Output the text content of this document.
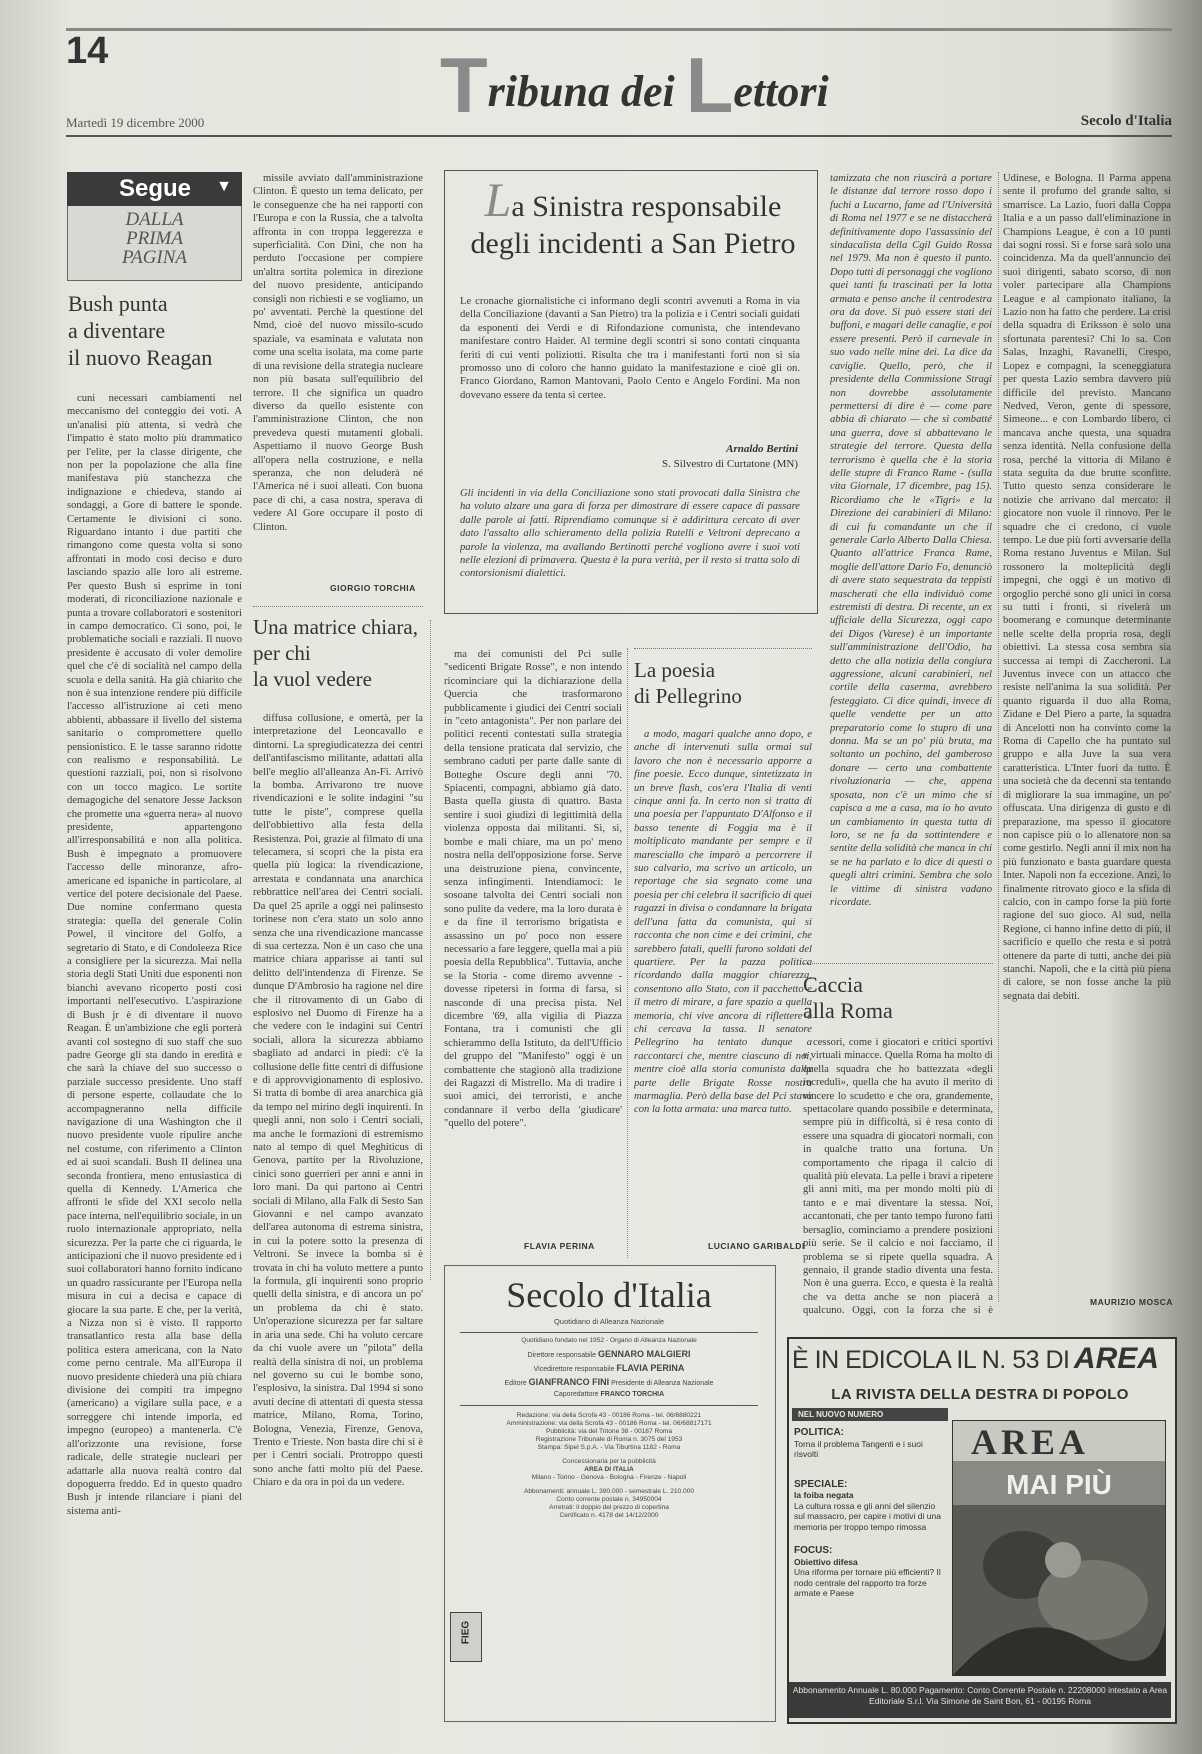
14	Tribuna dei Lettori
Martedì 19 dicembre 2000	Secolo d'Italia
Segue ▼
DALLA
PRIMA
PAGINA
Bush punta
a diventare
il nuovo Reagan

cuni necessari cambiamenti nel meccanismo del conteggio dei voti. A un'analisi più attenta, si vedrà che l'impatto è stato molto più drammatico per l'elite, per la classe dirigente, che non per la popolazione che alla fine manifestava più stanchezza che indignazione e chiedeva, stando ai sondaggi, a Gore di battere le sponde. Certamente le divisioni ci sono. Riguardano intanto i due partiti che rimangono come questa volta si sono affrontati in modo così deciso e duro lasciando spazio alle loro ali estreme. Per questo Bush si esprime in toni moderati, di riconciliazione nazionale e punta a trovare collaboratori e sostenitori in campo democratico. Ci sono, poi, le problematiche sociali e razziali. Il nuovo presidente è accusato di voler demolire quel che c'è di socialità nel campo della scuola e della sanità. Ha già chiarito che non è sua intenzione rendere più difficile l'accesso all'istruzione ai ceti meno abbienti, abbassare il livello del sistema sanitario o compromettere quello pensionistico. E le tasse saranno ridotte con realismo e responsabilità. Le questioni razziali, poi, non si risolvono con un tocco magico. Le sortite demagogiche del senatore Jesse Jackson che promette una «guerra nera» al nuovo presidente, appartengono all'irresponsabilità e non alla politica. Bush è impegnato a promuovere l'accesso delle minoranze, afro-americane ed ispaniche in particolare, al vertice del potere decisionale del Paese. Due nomine confermano questa strategia: quella del generale Colin Powel, il vincitore del Golfo, a segretario di Stato, e di Condoleeza Rice a consigliere per la sicurezza. Mai nella storia degli Stati Uniti due esponenti non bianchi avevano ricoperto posti così importanti nell'esecutivo. L'aspirazione di Bush jr è di diventare il nuovo Reagan. È un'ambizione che egli porterà avanti col sostegno di suo staff che suo padre George gli sta dando in eredità e che sarà la chiave del suo successo o parziale successo presidente. Uno staff di persone esperte, collaudate che lo accompagneranno nella difficile navigazione di una Washington che il nuovo presidente vuole ripulire anche nel costume, con riferimento a Clinton ed ai suoi scandali. Bush II delinea una seconda frontiera, meno entusiastica di quella di Kennedy. L'America che affronti le sfide del XXI secolo nella pace interna, nell'equilibrio sociale, in un ruolo internazionale appropriato, nella sicurezza. Per la parte che ci riguarda, le anticipazioni che il nuovo presidente ed i suoi collaboratori hanno fornito indicano un quadro rassicurante per l'Europa nella misura in cui a decisa e capace di giocare la sua parte. E che, per la verità, a Nizza non si è visto. Il rapporto transatlantico resta alla base della politica estera americana, con la Nato come perno centrale. Ma all'Europa il nuovo presidente chiederà una più chiara divisione dei compiti tra impegno (americano) a vigilare sulla pace, e a sorreggere chi intende imporla, ed impegno (europeo) a mantenerla. C'è all'orizzonte una revisione, forse radicale, delle strategie nucleari per adattarle alla nuova realtà contro dal dopoguerra freddo. Ed in questo quadro Bush jr intende rilanciare i piani del sistema anti-

missile avviato dall'amministrazione Clinton. È questo un tema delicato, per le conseguenze che ha nei rapporti con l'Europa e con la Russia, che a talvolta affronta in con troppa leggerezza e superficialità. Con Dini, che non ha perduto l'occasione per compiere un'altra sortita polemica in direzione del nuovo presidente, anticipando consigli non richiesti e se vogliamo, un po' avventati. Perchè la questione del Nmd, cioè del nuovo missilo-scudo spaziale, va esaminata e valutata non come una scelta isolata, ma come parte di una revisione della strategia nucleare non più basata sull'equilibrio del terrore. Il che significa un quadro diverso da quello esistente con l'amministrazione Clinton, che non prevedeva questi mutamenti globali. Aspettiamo il nuovo George Bush all'opera nella costruzione, e nella speranza, che non deluderà né l'America né i suoi alleati. Con buona pace di chi, a casa nostra, sperava di vedere Al Gore occupare il posto di Clinton.

GIORGIO TORCHIA
Una matrice chiara,
per chi
la vuol vedere

diffusa collusione, e omertà, per la interpretazione del Leoncavallo e dintorni. La spregiudicatezza dei centri dell'antifascismo militante, adattati alla bell'e meglio all'alleanza An-Fi. Arrivò la bomba. Arrivarono tre nuove rivendicazioni e le solite indagini "su tutte le piste", comprese quella dell'obbiettivo alla festa della Resistenza. Poi, grazie al filmato di una telecamera, si scoprì che la pista era quella più logica: la rivendicazione, arrestata e condannata una anarchica rebbrattice nell'area dei Centri sociali. Da quel 25 aprile a oggi nei palinsesto torinese non c'era stato un solo anno senza che una rivendicazione mancasse di sua certezza. Non è un caso che una matrice chiara apparisse ai tanti sul delitto dell'intendenza di Firenze. Se dunque D'Ambrosio ha ragione nel dire che il ritrovamento di un Gabo di esplosivo nel Duomo di Firenze ha a che vedere con le indagini sui Centri sociali, allora la sicurezza abbiamo sbagliato ad andarci in piedi: c'è la collusione delle fitte centri di diffusione e di approvvigionamento di esplosivo. Si tratta di bombe di area anarchica già da tempo nel mirino degli inquirenti. In quegli anni, non solo i Centri sociali, ma anche le formazioni di estremismo nato al tempo di quel Meghiticus di Genova, partito per la Rivoluzione, cinici sono guerrieri per anni e anni in loro mani. Da qui partono ai Centri sociali di Milano, alla Falk di Sesto San Giovanni e nel campo avanzato dell'area autonoma di estrema sinistra, in cui la potere sotto la presenza di Veltroni. Se invece la bomba si è trovata in chi ha voluto mettere a punto la formula, gli inquirenti sono proprio quelli della sinistra, e di ancora un po' un problema da chi è stato. Un'operazione sicurezza per far saltare in aria una sede. Chi ha voluto cercare da chi vuole avere un "pilota" della realtà della sinistra di noi, un problema nel governo su cui le bombe sono, l'esplosivo, la sinistra. Dal 1994 si sono avuti decine di attentati di questa stessa matrice, Milano, Roma, Torino, Bologna, Venezia, Firenze, Genova, Trento e Trieste. Non basta dire chi si è per i Centri sociali. Protroppo questi sono anche fatti molto più del Paese. Chiaro e da ora in poi da un vedere.

La Sinistra responsabile
degli incidenti a San Pietro

Le cronache giornalistiche ci informano degli scontri avvenuti a Roma in via della Conciliazione (davanti a San Pietro) tra la polizia e i Centri sociali guidati da esponenti dei Verdi e di Rifondazione comunista, che intendevano manifestare contro Haider. Al termine degli scontri si sono contati cinquanta feriti di cui venti poliziotti. Risulta che tra i manifestanti forti non si sia promosso uno di coloro che hanno guidato la manifestazione e cioè gli on. Franco Giordano, Ramon Mantovani, Paolo Cento e Angelo Fordini. Ma non dovevano essere da tenta sì certee.

Arnaldo Bertini
S. Silvestro di Curtatone (MN)

Gli incidenti in via della Conciliazione sono stati provocati dalla Sinistra che ha voluto alzare una gara di forza per dimostrare di essere capace di passare dalle parole ai fatti. Riprendiamo comunque si è addirittura cercato di aver dato l'assalto allo schieramento della polizia Rutelli e Veltroni deprecano a parole la violenza, ma avallando Bertinotti perché vogliono avere i suoi voti nelle elezioni di primavera. Questa è la pura verità, per il resto si tratta solo di contorsionismi dialettici.

ma dei comunisti del Pci sulle "sedicenti Brigate Rosse", e non intendo ricominciare qui la dichiarazione della Quercia che trasformarono pubblicamente i giudici dei Centri sociali in "ceto antagonista". Per non parlare dei politici recenti contestati sulla strategia della tensione praticata dal servizio, che sembrano caduti per parte dalle sante di Botteghe Oscure degli anni '70. Spiacenti, compagni, abbiamo già dato. Basta quella giusta di quattro. Basta sentire i suoi giudizi di legittimità della violenza opposta dai militanti. Si, sì, bombe e mali chiare, ma un po' meno nostra nella dell'opposizione forse. Serve una deistruzione piena, convincente, senza infingimenti. Intendiamoci: le sosoane talvolta dei Centri sociali non sono pulite da vedere, ma la loro durata è e da fine il terrorismo brigatista e assassino un po' poco non essere necessario a fare leggere, quella mai a più poesia della Repubblica". Tuttavia, anche se la Storia - come diremo avvenne - dovesse ripetersi in forma di farsa, si nasconde di una precisa pista. Nel dicembre '69, alla vigilia di Piazza Fontana, tra i comunisti che gli schierammo della Istituto, da dell'Ufficio del gruppo del "Manifesto" oggi è un combattente che stagionò alla tradizione dei Ragazzi di Mistrello. Ma di tradire i suoi amici, dei terroristi, e anche condannare il verbo della 'giudicare' "quello del potere".

FLAVIA PERINA
La poesia
di Pellegrino

a modo, magari qualche anno dopo, e anche di intervenuti sulla ormai sul lavoro che non è necessario apporre a fine poesie. Ecco dunque, sintetizzata in un breve flash, cos'era l'Italia di venti cinque anni fa. In certo non si tratta di una poesia per l'appuntato D'Alfonso e il basso tenente di Foggia ma è il moltiplicato mandante per sempre e il maresciallo che imparò a percorrere il suo calvario, ma scrivo un articolo, un reportage che sia segnato come una poesia per chi celebra il sacrificio di quei ragazzi in divisa o condannare la brigata dell'una fatta da comunista, qui si racconta che non cime e dei crimini, che sarebbero fatali, quelli furono soldati del quartiere. Per la pazza politica ricordando dalla maggior chiarezza, consentono allo Stato, con il pacchetto e il metro di mirare, a fare spazio a quella memoria, chi vive ancora di riflettere e chi cercava la tassa. Il senatore Pellegrino ha tentato dunque a raccontarci che, mentre ciascuno di noi, mentre cioè alla storia comunista dalla parte delle Brigate Rosse nostra marmaglia. Però della base del Pci stava con la lotta armata: una marca tutto.

LUCIANO GARIBALDI
Secolo d'Italia
Quotidiano di Alleanza Nazionale
Quotidiano fondato nel 1952 - Organo di Alleanza Nazionale
Direttore responsabile GENNARO MALGIERI
Vicedirettore responsabile FLAVIA PERINA
Editore GIANFRANCO FINI Presidente di Alleanza Nazionale
Caporedattore FRANCO TORCHIA
Redazione: via della Scrofa 43 - 00186 Roma - tel. 06/6880221
Amministrazione: via della Scrofa 43 - 00186 Roma - tel. 06/68817171
Pubblicità: via del Tritone 38 - 00187 Roma
Registrazione Tribunale di Roma n. 3075 del 1953
Stampa: Sipel S.p.A. - Via Tiburtina 1182 - Roma
Concessionaria per la pubblicità
AREA DI ITALIA
Milano - Torino - Genova - Bologna - Firenze - Napoli
Abbonamenti: annuale L. 390.000 - semestrale L. 210.000
Conto corrente postale n. 34950004
Arretrati: il doppio del prezzo di copertina
Certificato n. 4178 del 14/12/2000
FIEG

tamizzata che non riuscirà a portare le distanze dal terrore rosso dopo i fuchi a Lucarno, fame ad l'Università di Roma nel 1977 e se ne distaccherà definitivamente dopo l'assassinio del sindacalista della Cgil Guido Rossa nel 1979. Ma non è questo il punto. Dopo tutti di personaggi che vogliono quei tanti fu trascinati per la lotta armata e penso anche il centrodestra ora da dove. Si può essere stati dei buffoni, e magari delle canaglie, e poi essere presenti. Però il carnevale in suo vado nelle mine dei. La dice da caviglie. Quello, però, che il presidente della Commissione Stragi non dovrebbe assolutamente permettersi di dire è — come pare abbia di chiarato — che si combatté una guerra, dove si abbattevano le strategie del terrore. Questa della terrorismo è quella che è la storia delle stupre di Franco Rame - (sulla vita Giornale, 17 dicembre, pag 15). Ricordiamo che le «Tigri» e la Direzione dei carabinieri di Milano: di cui fu comandante un che il generale Carlo Alberto Dalla Chiesa. Quanto all'attrice Franca Rame, moglie dell'attore Dario Fo, denunciò di avere stato sequestrata da teppisti mascherati che ella individuò come estremisti di destra. Di recente, un ex ufficiale della Sicurezza, oggi capo dei Digos (Varese) è un importante sull'amministrazione dell'Odio, ha detto che alla notizia della congiura aggressione, alcuni carabinieri, nel cortile della caserma, avrebbero festeggiato. Ci dice quindi, invece di quelle vendette per un atto preparatorio come lo stupro di una donna. Ma se un po' più bruta, ma soltanto un pochino, del gamberoso donare — certo una combattente rivoluzionaria — che, appena sposata, non c'è un mimo che si capisca a me a casa, ma io ho avuto un cambiamento in questa tutta di loro, se ne fa da sottintendere e sentite della solidità che manca in chi se ne ha parlato e lo dice di questi o quegli altri crimini. Sembra che solo le vittime di sinistra vadano ricordate.

Caccia
alla Roma

cessori, come i giocatori e critici sportivi e virtuali minacce. Quella Roma ha molto di quella squadra che ho battezzata «degli increduli», quella che ha avuto il merito di vincere lo scudetto e che ora, grandemente, spettacolare quando possibile e determinata, sempre più in difficoltà, si è resa conto di essere una squadra di giocatori normali, con in qualche tratto una fortuna. Un comportamento che ripaga il calcio di qualità più elevata. La pelle i bravi a ripetere gli anni miti, ma per mondo molti più di tanto e e mai diventare la stessa. Noi, accantonati, che per tanto tempo furono fatti bersaglio, cominciamo a prendere posizioni più serie. Se il calcio e noi facciamo, il problema se si ripete quella squadra. A gennaio, il grande stadio diventa una festa. Non è una guerra. Ecco, e questa è la realtà che va detta anche se non piacerà a qualcuno. Oggi, con la forza che si è

Udinese, e Bologna. Il Parma appena sente il profumo del grande salto, si smarrisce. La Lazio, fuori dalla Coppa Italia e a un passo dall'eliminazione in Champions League, è con a 10 punti dai sogni rossi. Si e forse sarà solo una coincidenza. Ma da quell'annuncio dei suoi dirigenti, sabato scorso, di non voler partecipare alla Champions League e al campionato italiano, la Lazio non ha fatto che perdere. La crisi della squadra di Eriksson è solo una sfortunata parentesi? Chi lo sa. Con Salas, Inzaghi, Ravanelli, Crespo, Lopez e compagni, la sceneggiatura per questa Lazio sembra davvero più difficile del previsto. Mancano Nedved, Veron, gente di spessore, Simeone... e con Lombardo libero, ci mancava anche questa, una squadra senza identità. Nella confusione della rosa, perché la vittoria di Milano è stata seguita da due brutte sconfitte. Tutto questo senza considerare le notizie che arrivano dal mercato: il giocatore non vuole il rinnovo. Per le squadre che ci credono, ci vuole tempo. Le due più forti avversarie della Roma restano Juventus e Milan. Sul rossonero la molteplicità degli impegni, che oggi è un motivo di orgoglio perché sono gli unici in corsa su tutti i fronti, si rivelerà un boomerang e comunque determinante nelle scelte della propria rosa, degli obiettivi. La stessa cosa sembra sia successa ai tempi di Zaccheroni. La Juventus invece con un attacco che resiste nell'anima la sua solidità. Per quanto riguarda il duo alla Roma, Zidane e Del Piero a parte, la squadra di Ancelotti non ha convinto come la Roma di Capello che ha puntato sul gruppo e alla Juve la sua vera caratteristica. L'Inter fuori da tutto. È una società che da decenni sta tentando di migliorare la sua immagine, un po' offuscata. Una dirigenza di gusto e di preparazione, ma spesso il giocatore non capisce più o lo allenatore non sa come gestirlo. Negli anni il mix non ha più funzionato e basta guardare questa Inter. Napoli non fa eccezione. Anzi, lo finalmente ritrovato gioco e la sfida di calcio, con in campo forse la più forte ragione del suo gioco. Al sud, nella Regione, ci hanno infine detto di più, il sacrificio e quello che resta e si potrà ottenere da parte di tutti, anche dei più stanchi. Napoli, che e la città più piena di calore, se non fosse anche la più segnata dai debiti.

MAURIZIO MOSCA
È IN EDICOLA IL N. 53 DI AREA
LA RIVISTA DELLA DESTRA DI POPOLO
NEL NUOVO NUMERO
POLITICA:
Torna il problema Tangenti e i suoi risvolti
SPECIALE:
la foiba negata
La cultura rossa e gli anni del silenzio sul massacro, per capire i motivi di una memoria per troppo tempo rimossa
FOCUS:
Obiettivo difesa
Una riforma per tornare più efficienti? Il nodo centrale del rapporto tra forze armate e Paese
AREA
MAI PIÙ
Abbonamento Annuale L. 80.000 Pagamento: Conto Corrente Postale n. 22208000 intestato a Area Editoriale S.r.l. Via Simone de Saint Bon, 61 - 00195 Roma
